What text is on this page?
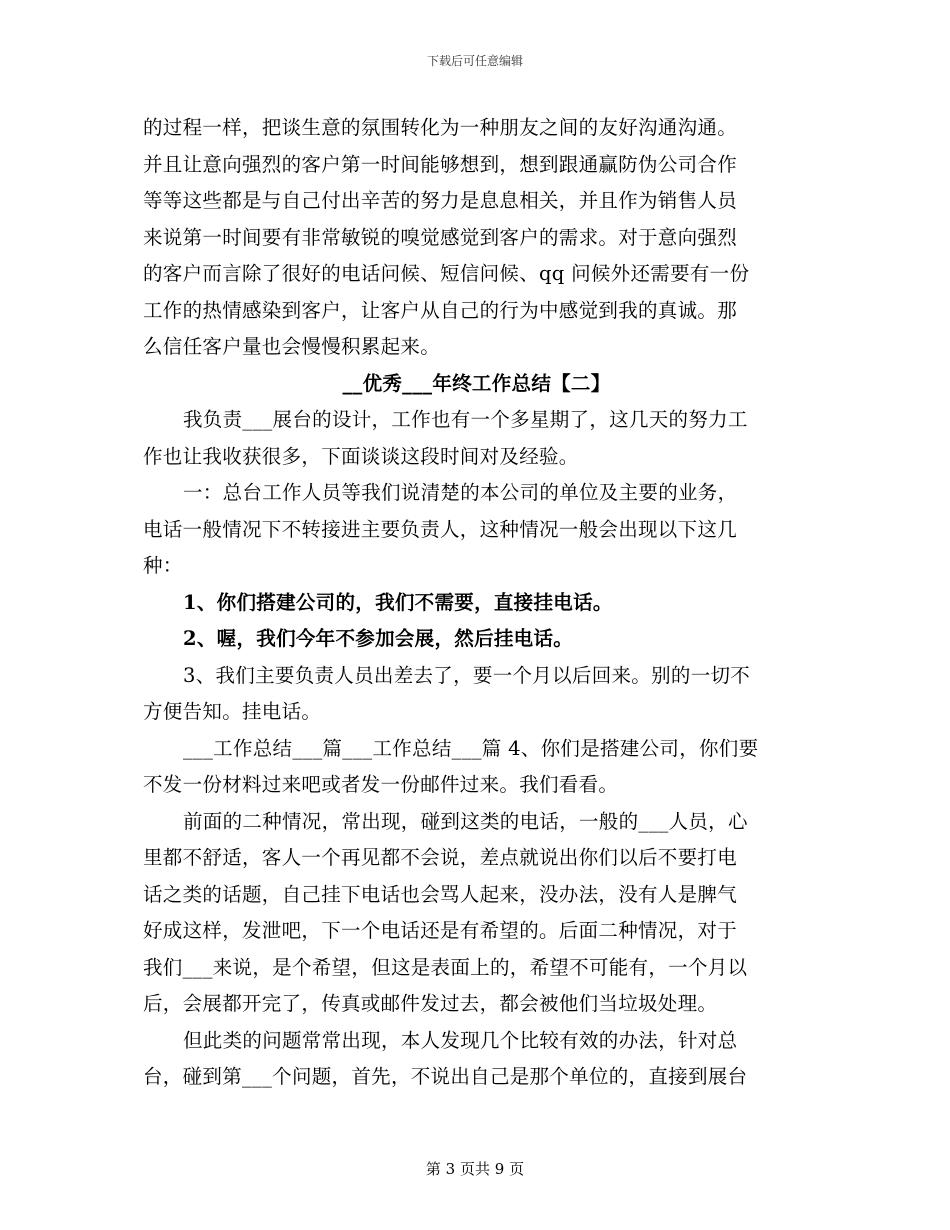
下载后可任意编辑
的过程一样，把谈生意的氛围转化为一种朋友之间的友好沟通沟通。
并且让意向强烈的客户第一时间能够想到，想到跟通赢防伪公司合作
等等这些都是与自己付出辛苦的努力是息息相关，并且作为销售人员
来说第一时间要有非常敏锐的嗅觉感觉到客户的需求。对于意向强烈
的客户而言除了很好的电话问候、短信问候、qq 问候外还需要有一份
工作的热情感染到客户，让客户从自己的行为中感觉到我的真诚。那
么信任客户量也会慢慢积累起来。
__优秀___年终工作总结【二】
我负责___展台的设计，工作也有一个多星期了，这几天的努力工
作也让我收获很多，下面谈谈这段时间对及经验。
一：总台工作人员等我们说清楚的本公司的单位及主要的业务，
电话一般情况下不转接进主要负责人，这种情况一般会出现以下这几
种：
1、你们搭建公司的，我们不需要，直接挂电话。
2、喔，我们今年不参加会展，然后挂电话。
3、我们主要负责人员出差去了，要一个月以后回来。别的一切不
方便告知。挂电话。
___工作总结___篇___工作总结___篇 4、你们是搭建公司，你们要
不发一份材料过来吧或者发一份邮件过来。我们看看。
前面的二种情况，常出现，碰到这类的电话，一般的___人员，心
里都不舒适，客人一个再见都不会说，差点就说出你们以后不要打电
话之类的话题，自己挂下电话也会骂人起来，没办法，没有人是脾气
好成这样，发泄吧，下一个电话还是有希望的。后面二种情况，对于
我们___来说，是个希望，但这是表面上的，希望不可能有，一个月以
后，会展都开完了，传真或邮件发过去，都会被他们当垃圾处理。
但此类的问题常常出现，本人发现几个比较有效的办法，针对总
台，碰到第___个问题，首先，不说出自己是那个单位的，直接到展台
第 3 页共 9 页
